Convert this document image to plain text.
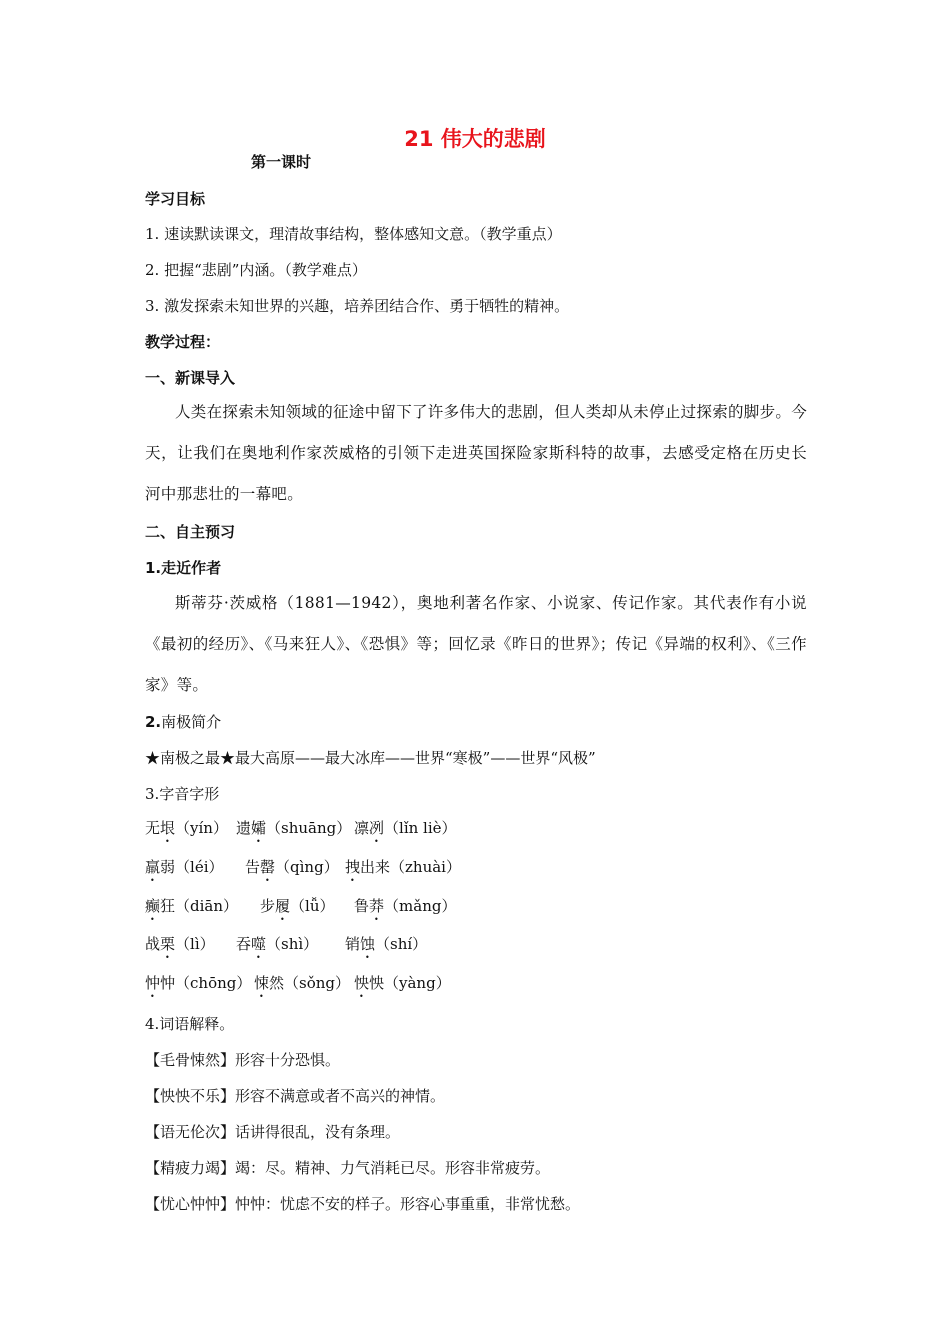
21 伟大的悲剧
第一课时
学习目标
1. 速读默读课文，理清故事结构，整体感知文意。（教学重点）
2. 把握“悲剧”内涵。（教学难点）
3. 激发探索未知世界的兴趣，培养团结合作、勇于牺牲的精神。
教学过程：
一、新课导入
人类在探索未知领域的征途中留下了许多伟大的悲剧，但人类却从未停止过探索的脚步。今天，让我们在奥地利作家茨威格的引领下走进英国探险家斯科特的故事，去感受定格在历史长河中那悲壮的一幕吧。
二、自主预习
1.走近作者
斯蒂芬·茨威格（1881—1942），奥地利著名作家、小说家、传记作家。其代表作有小说《最初的经历》、《马来狂人》、《恐惧》等；回忆录《昨日的世界》；传记《异端的权利》、《三作家》等。
2.南极简介
★南极之最★最大高原——最大冰库——世界“寒极”——世界“风极”
3.字音字形
无垠（yín） 遗孀（shuāng） 凛冽（lǐn liè）
羸弱（léi） 告罄（qìng） 拽出来（zhuài）
癫狂（diān） 步履（lǚ） 鲁莽（mǎng）
战栗（lì） 吞噬（shì） 销蚀（shí）
忡忡（chōng） 悚然（sǒng） 怏怏（yàng）
4.词语解释。
【毛骨悚然】形容十分恐惧。
【怏怏不乐】形容不满意或者不高兴的神情。
【语无伦次】话讲得很乱，没有条理。
【精疲力竭】竭：尽。精神、力气消耗已尽。形容非常疲劳。
【忧心忡忡】忡忡：忧虑不安的样子。形容心事重重，非常忧愁。
